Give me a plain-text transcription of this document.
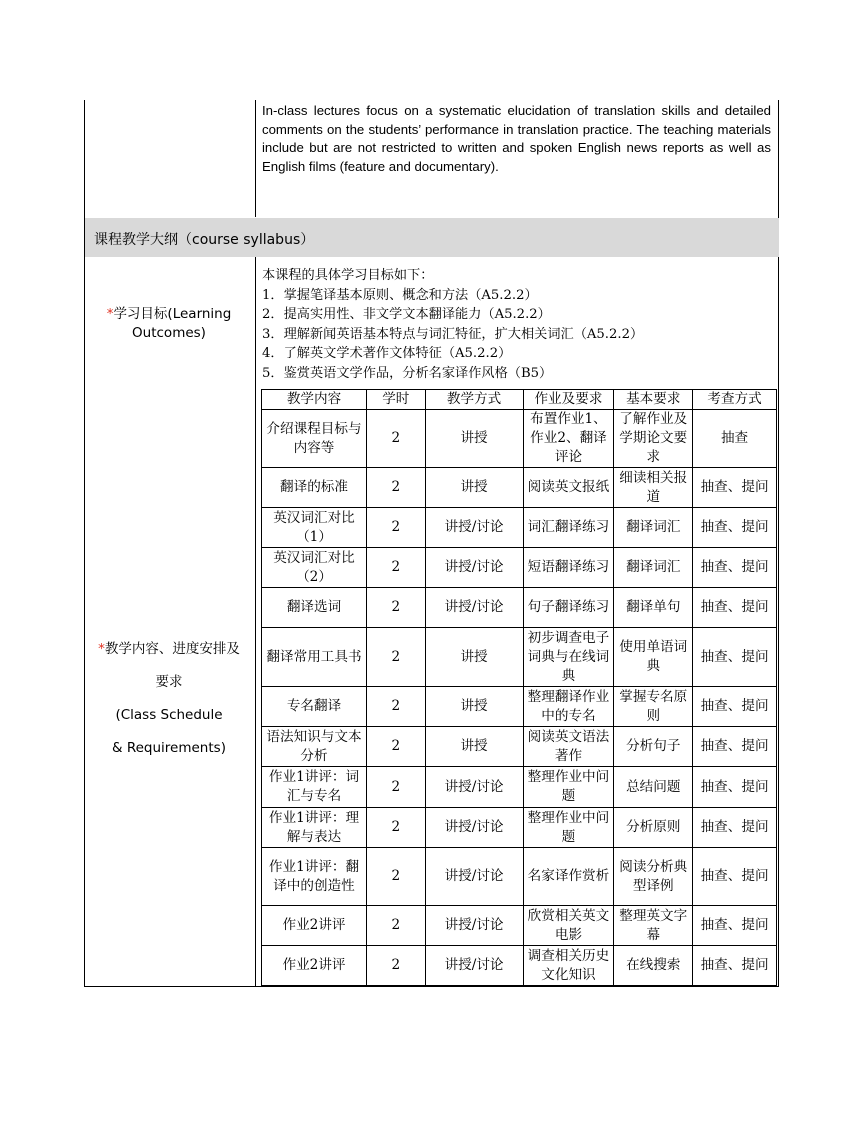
In-class lectures focus on a systematic elucidation of translation skills and detailed comments on the students’ performance in translation practice. The teaching materials include but are not restricted to written and spoken English news reports as well as English films (feature and documentary).
课程教学大纲（course syllabus）
*学习目标(Learning
Outcomes)
本课程的具体学习目标如下：
1．掌握笔译基本原则、概念和方法（A5.2.2）
2．提高实用性、非文学文本翻译能力（A5.2.2）
3．理解新闻英语基本特点与词汇特征，扩大相关词汇（A5.2.2）
4．了解英文学术著作文体特征（A5.2.2）
5．鉴赏英语文学作品，分析名家译作风格（B5）
*教学内容、进度安排及
要求
(Class Schedule
& Requirements)
教学内容	学时	教学方式	作业及要求	基本要求	考查方式
介绍课程目标与内容等	2	讲授	布置作业1、作业2、翻译评论	了解作业及学期论文要求	抽查
翻译的标准	2	讲授	阅读英文报纸	细读相关报道	抽查、提问
英汉词汇对比（1）	2	讲授/讨论	词汇翻译练习	翻译词汇	抽查、提问
英汉词汇对比（2）	2	讲授/讨论	短语翻译练习	翻译词汇	抽查、提问
翻译选词	2	讲授/讨论	句子翻译练习	翻译单句	抽查、提问
翻译常用工具书	2	讲授	初步调查电子词典与在线词典	使用单语词典	抽查、提问
专名翻译	2	讲授	整理翻译作业中的专名	掌握专名原则	抽查、提问
语法知识与文本分析	2	讲授	阅读英文语法著作	分析句子	抽查、提问
作业1讲评：词汇与专名	2	讲授/讨论	整理作业中问题	总结问题	抽查、提问
作业1讲评：理解与表达	2	讲授/讨论	整理作业中问题	分析原则	抽查、提问
作业1讲评：翻译中的创造性	2	讲授/讨论	名家译作赏析	阅读分析典型译例	抽查、提问
作业2讲评	2	讲授/讨论	欣赏相关英文电影	整理英文字幕	抽查、提问
作业2讲评	2	讲授/讨论	调查相关历史文化知识	在线搜索	抽查、提问
